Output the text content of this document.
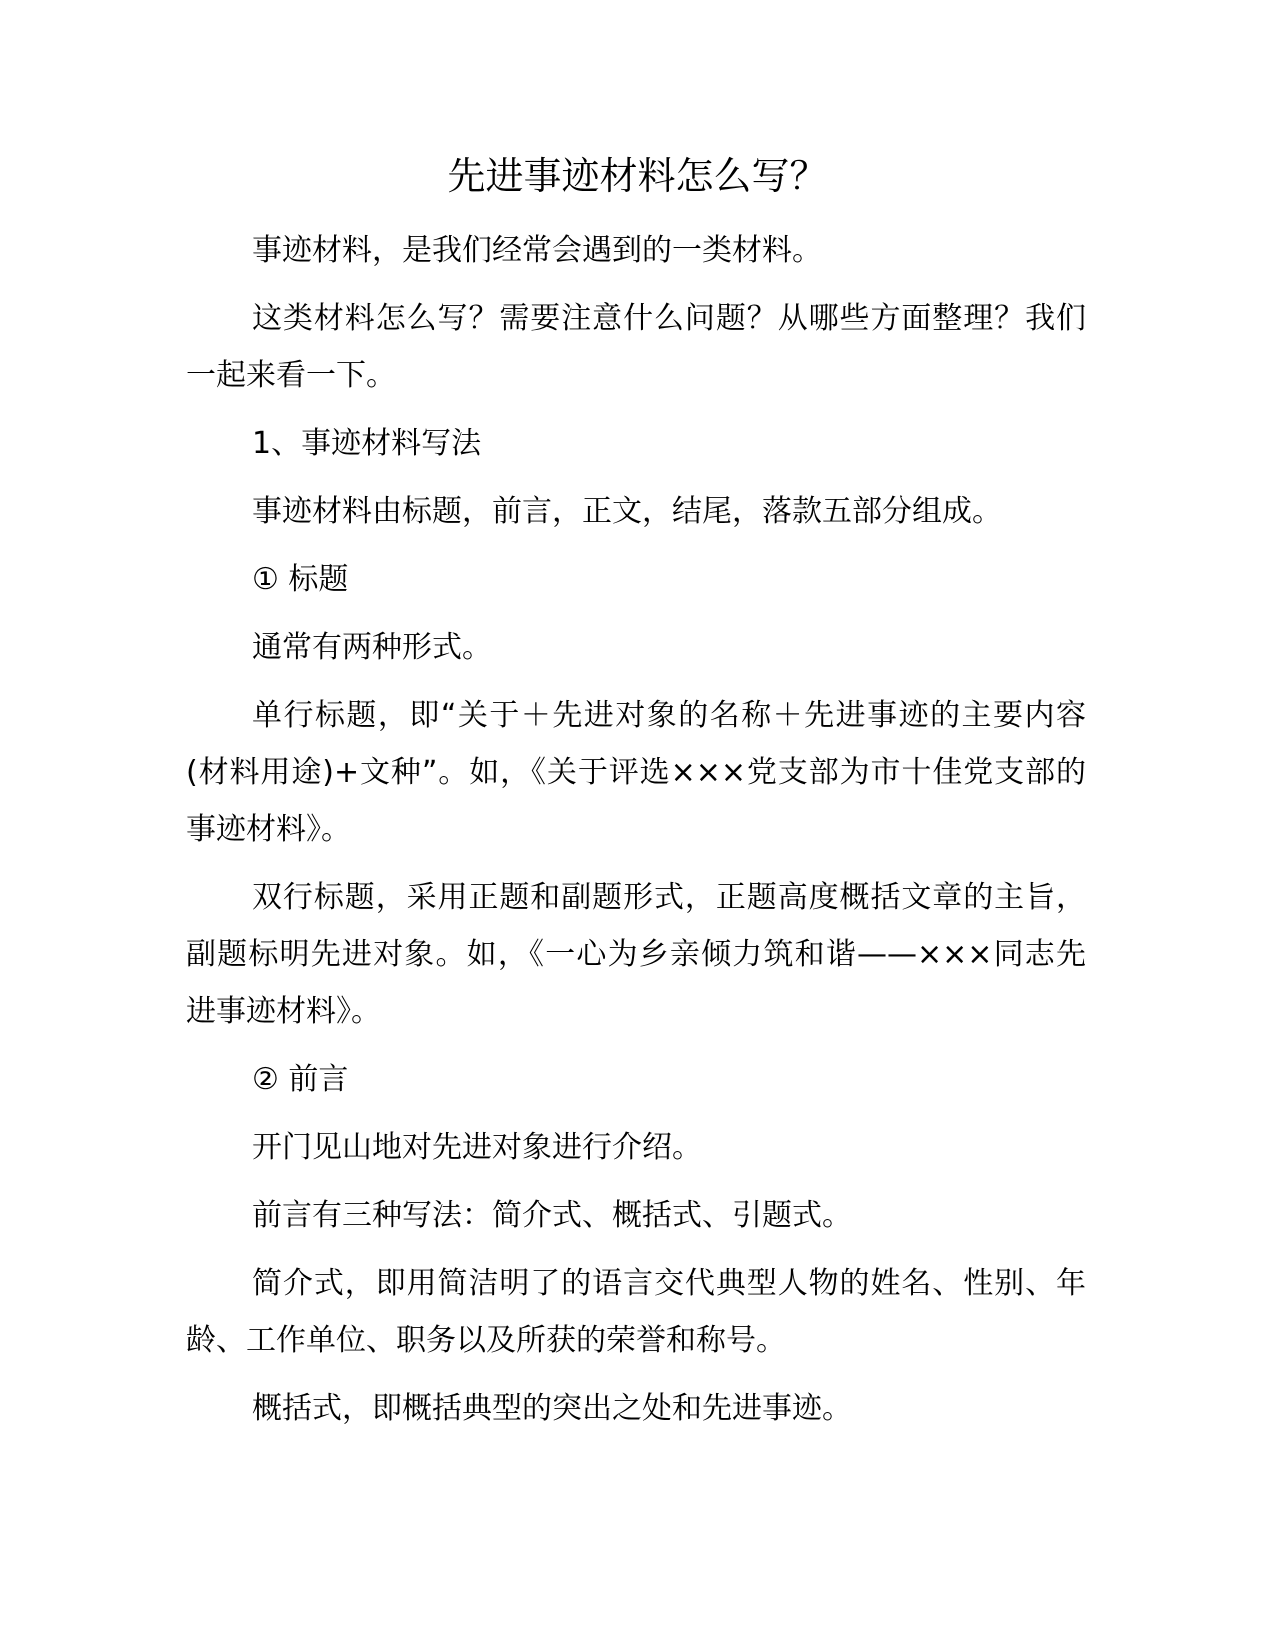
先进事迹材料怎么写？

事迹材料，是我们经常会遇到的一类材料。

这类材料怎么写？需要注意什么问题？从哪些方面整理？我们一起来看一下。

1、事迹材料写法

事迹材料由标题，前言，正文，结尾，落款五部分组成。

① 标题

通常有两种形式。

单行标题，即“关于＋先进对象的名称＋先进事迹的主要内容(材料用途)+文种”。如，《关于评选×××党支部为市十佳党支部的事迹材料》。

双行标题，采用正题和副题形式，正题高度概括文章的主旨，副题标明先进对象。如，《一心为乡亲倾力筑和谐——×××同志先进事迹材料》。

② 前言

开门见山地对先进对象进行介绍。

前言有三种写法：简介式、概括式、引题式。

简介式，即用简洁明了的语言交代典型人物的姓名、性别、年龄、工作单位、职务以及所获的荣誉和称号。

概括式，即概括典型的突出之处和先进事迹。
